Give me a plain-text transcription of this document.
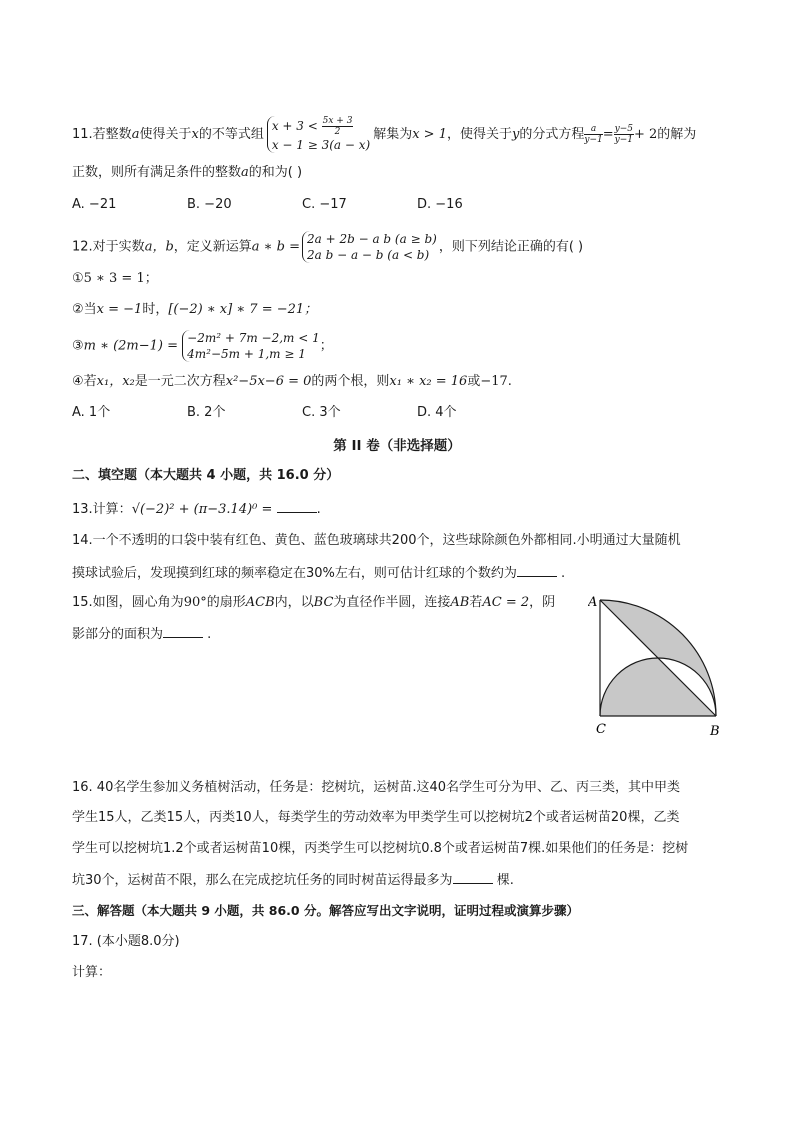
11.若整数a使得关于x的不等式组
$x + 3 < \frac{5x + 3}{2}$
x − 1 ≥ 3(a − x)
解集为x > 1，使得关于y的分式方程 $\frac{a}{y-1} = \frac{y-5}{y-1} + 2$的解为
正数，则所有满足条件的整数a的和为( )
A. −21	B. −20	C. −17	D. −16
12.对于实数a，b，定义新运算a ∗ b =
2a + 2b − a b (a ≥ b)
2a b − a − b (a < b)
，则下列结论正确的有( )
①5 ∗ 3 = 1；
②当x = −1时，[(−2) ∗ x] ∗ 7 = −21；
③m ∗ (2m−1) =
−2m² + 7m −2,m < 1
4m²−5m + 1,m ≥ 1
；
④若x₁，x₂是一元二次方程x²−5x−6 = 0的两个根，则x₁ ∗ x₂ = 16或−17.
A. 1个	B. 2个	C. 3个	D. 4个
第 II 卷（非选择题）
二、填空题（本大题共 4 小题，共 16.0 分）
13.计算：√(−2)² + (π−3.14)⁰ =	.
14.一个不透明的口袋中装有红色、黄色、蓝色玻璃球共200个，这些球除颜色外都相同.小明通过大量随机
摸球试验后，发现摸到红球的频率稳定在30%左右，则可估计红球的个数约为	.
15.如图，圆心角为90°的扇形ACB内，以BC为直径作半圆，连接AB若AC = 2，阴
影部分的面积为	.
A
C	B
16. 40名学生参加义务植树活动，任务是：挖树坑，运树苗.这40名学生可分为甲、乙、丙三类，其中甲类
学生15人，乙类15人，丙类10人，每类学生的劳动效率为甲类学生可以挖树坑2个或者运树苗20棵，乙类
学生可以挖树坑1.2个或者运树苗10棵，丙类学生可以挖树坑0.8个或者运树苗7棵.如果他们的任务是：挖树
坑30个，运树苗不限，那么在完成挖坑任务的同时树苗运得最多为	棵.
三、解答题（本大题共 9 小题，共 86.0 分。解答应写出文字说明，证明过程或演算步骤）
17. (本小题8.0分)
计算：
